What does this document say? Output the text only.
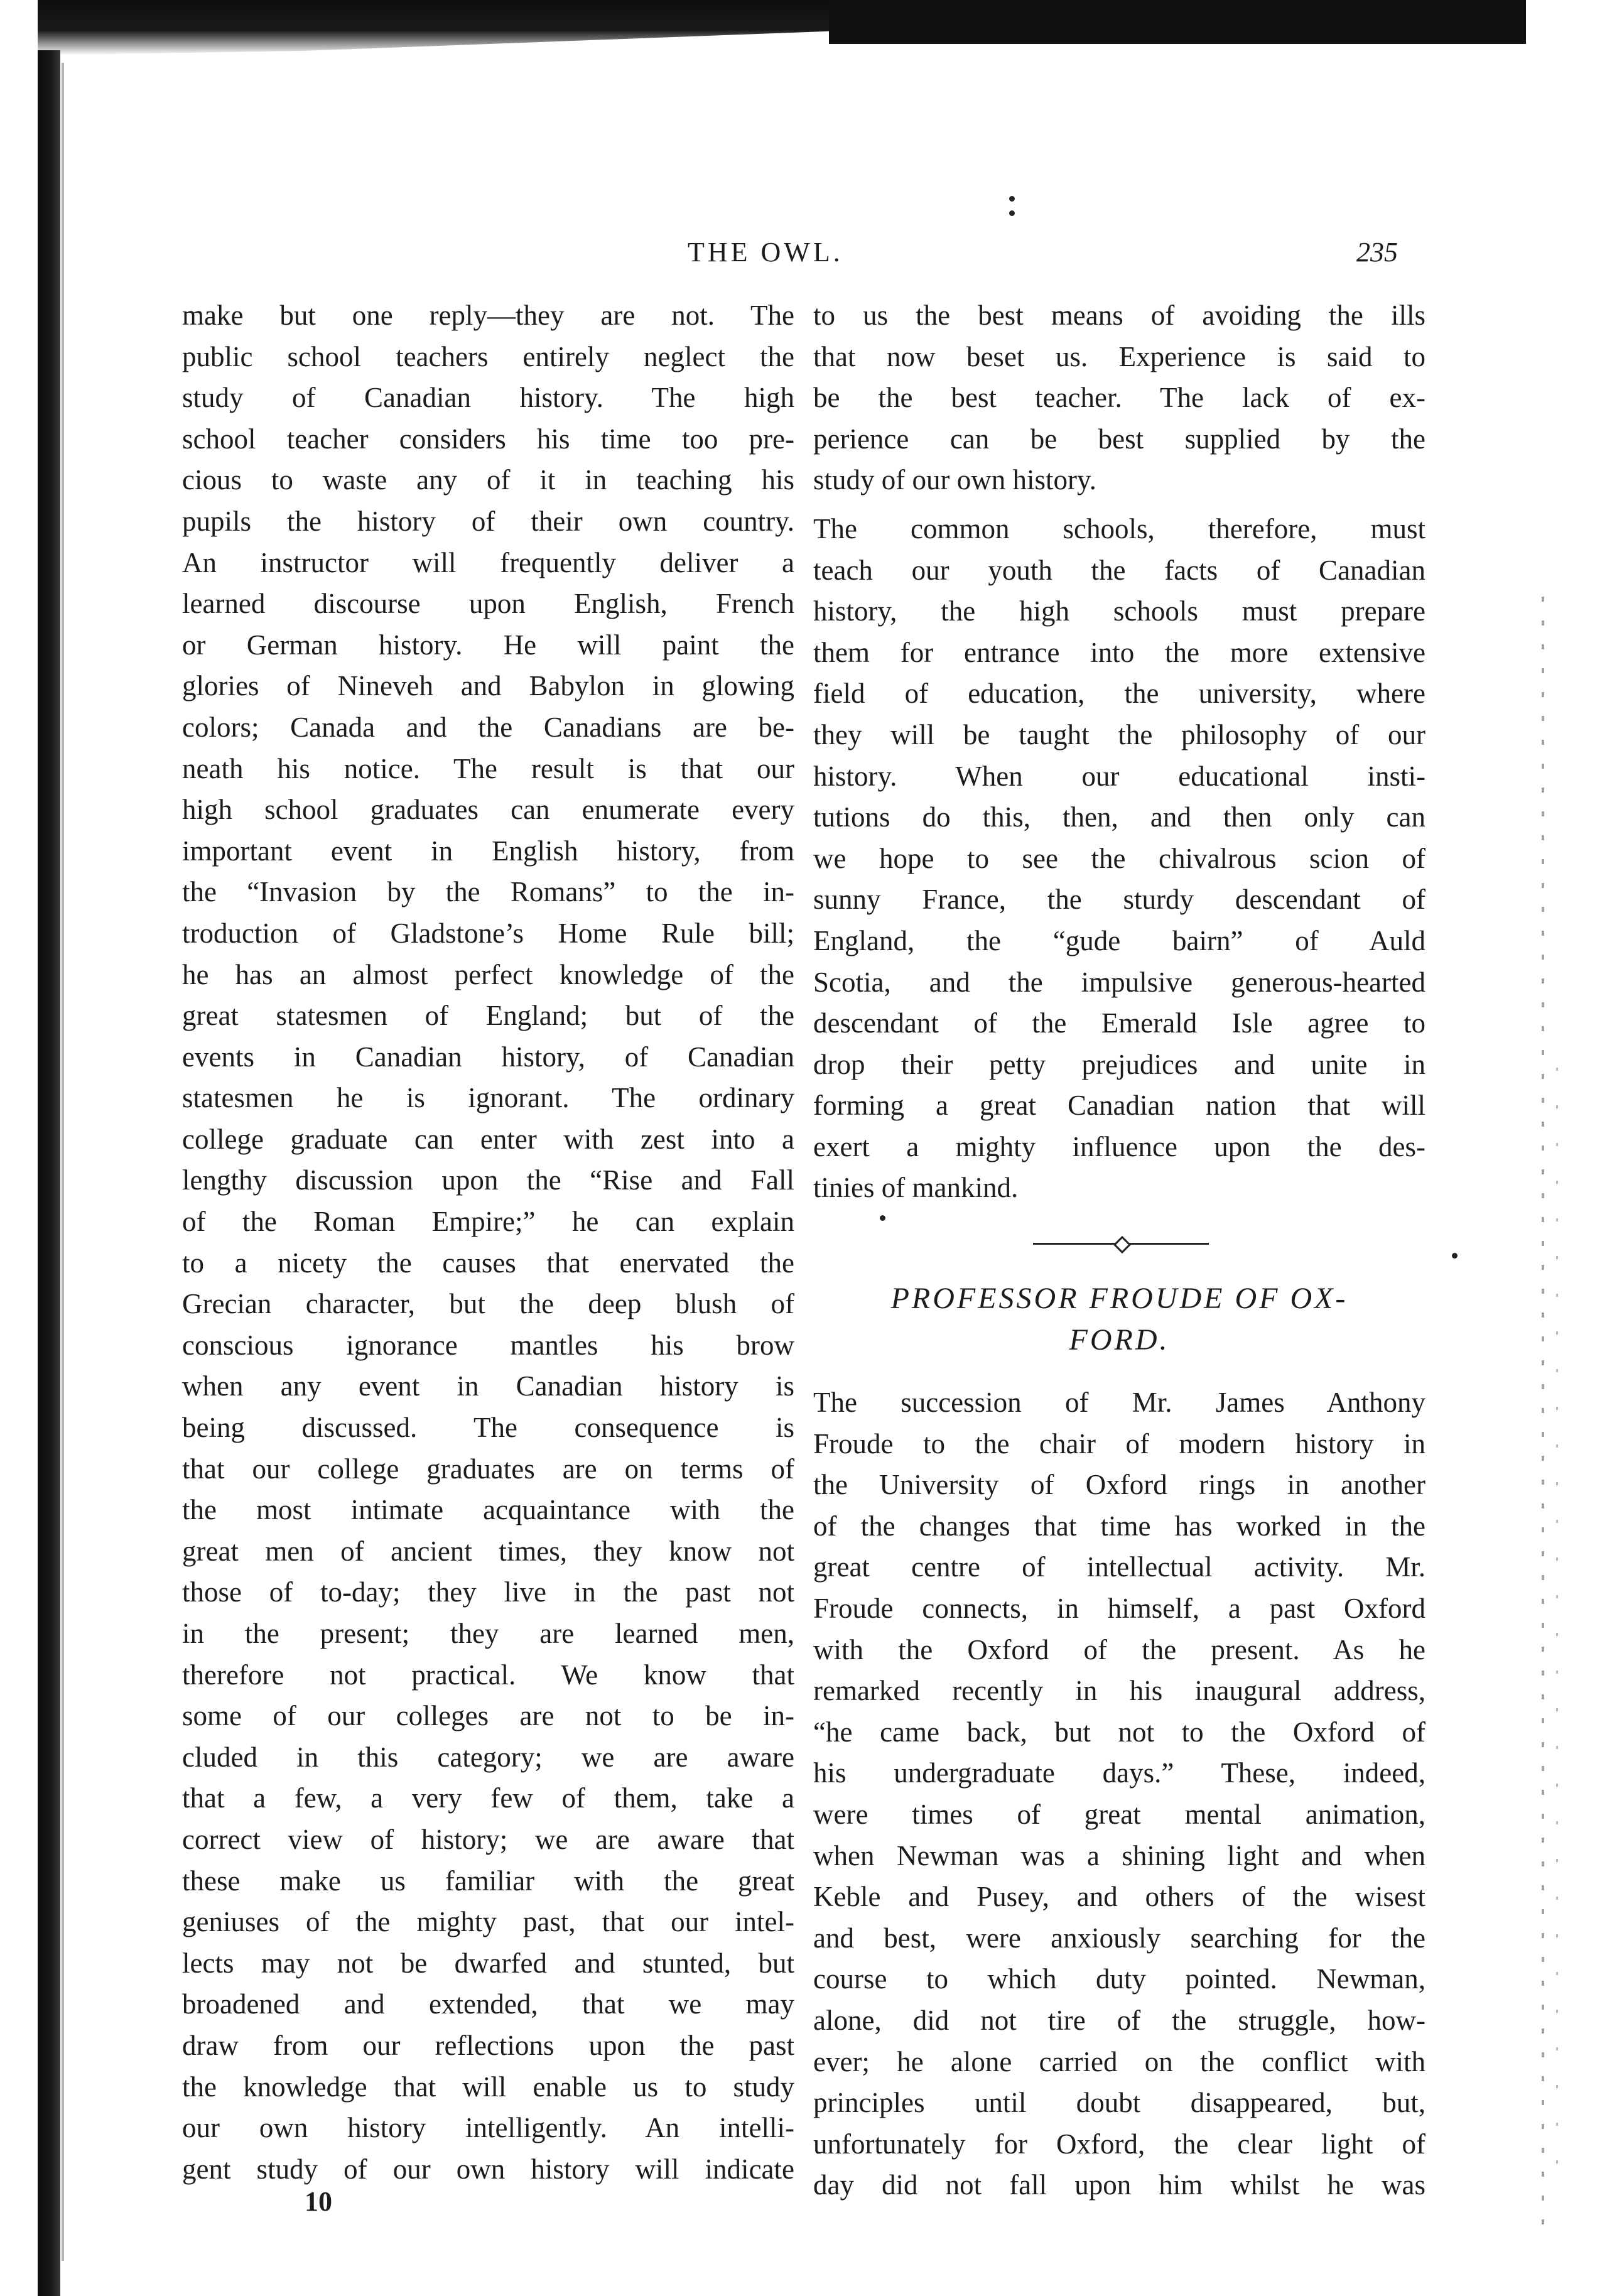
THE OWL.	235
make but one reply—they are not. The
public school teachers entirely neglect the
study of Canadian history. The high
school teacher considers his time too pre-
cious to waste any of it in teaching his
pupils the history of their own country.
An instructor will frequently deliver a
learned discourse upon English, French
or German history. He will paint the
glories of Nineveh and Babylon in glowing
colors; Canada and the Canadians are be-
neath his notice. The result is that our
high school graduates can enumerate every
important event in English history, from
the “Invasion by the Romans” to the in-
troduction of Gladstone’s Home Rule bill;
he has an almost perfect knowledge of the
great statesmen of England; but of the
events in Canadian history, of Canadian
statesmen he is ignorant. The ordinary
college graduate can enter with zest into a
lengthy discussion upon the “Rise and Fall
of the Roman Empire;” he can explain
to a nicety the causes that enervated the
Grecian character, but the deep blush of
conscious ignorance mantles his brow
when any event in Canadian history is
being discussed. The consequence is
that our college graduates are on terms of
the most intimate acquaintance with the
great men of ancient times, they know not
those of to-day; they live in the past not
in the present; they are learned men,
therefore not practical. We know that
some of our colleges are not to be in-
cluded in this category; we are aware
that a few, a very few of them, take a
correct view of history; we are aware that
these make us familiar with the great
geniuses of the mighty past, that our intel-
lects may not be dwarfed and stunted, but
broadened and extended, that we may
draw from our reflections upon the past
the knowledge that will enable us to study
our own history intelligently. An intelli-
gent study of our own history will indicate
to us the best means of avoiding the ills
that now beset us. Experience is said to
be the best teacher. The lack of ex-
perience can be best supplied by the
study of our own history.
The common schools, therefore, must
teach our youth the facts of Canadian
history, the high schools must prepare
them for entrance into the more extensive
field of education, the university, where
they will be taught the philosophy of our
history. When our educational insti-
tutions do this, then, and then only can
we hope to see the chivalrous scion of
sunny France, the sturdy descendant of
England, the “gude bairn” of Auld
Scotia, and the impulsive generous-hearted
descendant of the Emerald Isle agree to
drop their petty prejudices and unite in
forming a great Canadian nation that will
exert a mighty influence upon the des-
tinies of mankind.
PROFESSOR FROUDE OF OX-
FORD.
The succession of Mr. James Anthony
Froude to the chair of modern history in
the University of Oxford rings in another
of the changes that time has worked in the
great centre of intellectual activity. Mr.
Froude connects, in himself, a past Oxford
with the Oxford of the present. As he
remarked recently in his inaugural address,
“he came back, but not to the Oxford of
his undergraduate days.” These, indeed,
were times of great mental animation,
when Newman was a shining light and when
Keble and Pusey, and others of the wisest
and best, were anxiously searching for the
course to which duty pointed. Newman,
alone, did not tire of the struggle, how-
ever; he alone carried on the conflict with
principles until doubt disappeared, but,
unfortunately for Oxford, the clear light of
day did not fall upon him whilst he was
10
